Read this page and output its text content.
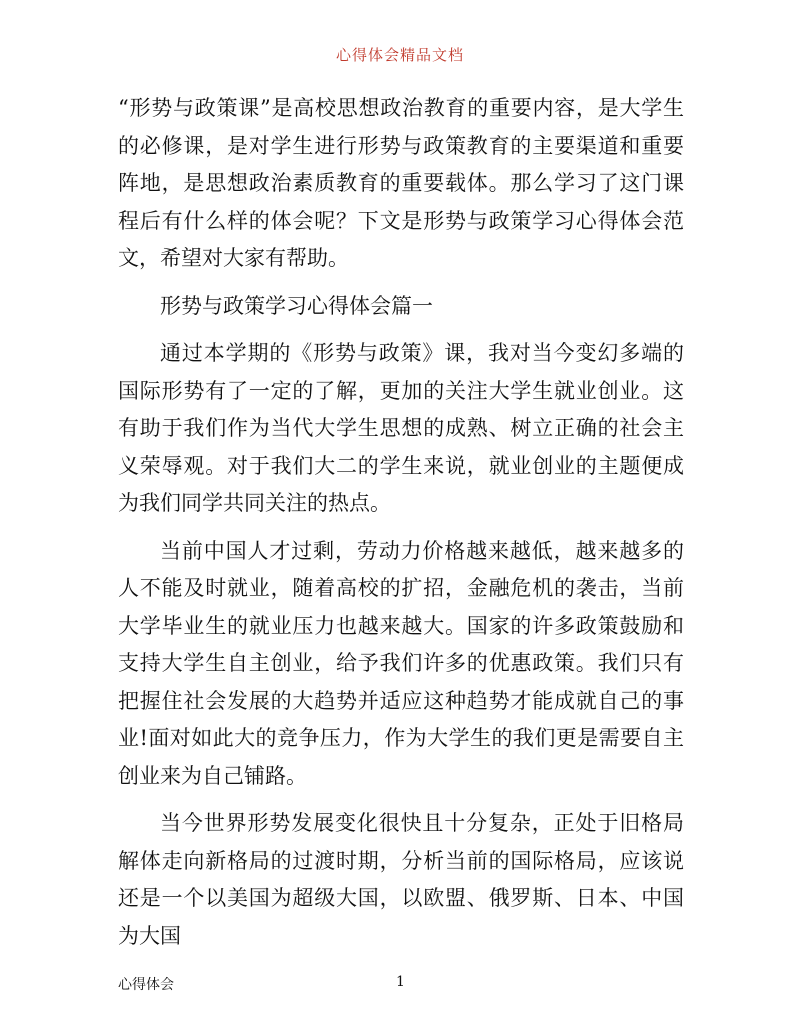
心得体会精品文档

“形势与政策课”是高校思想政治教育的重要内容，是大学生的必修课，是对学生进行形势与政策教育的主要渠道和重要阵地，是思想政治素质教育的重要载体。那么学习了这门课程后有什么样的体会呢？下文是形势与政策学习心得体会范文，希望对大家有帮助。

形势与政策学习心得体会篇一

通过本学期的《形势与政策》课，我对当今变幻多端的国际形势有了一定的了解，更加的关注大学生就业创业。这有助于我们作为当代大学生思想的成熟、树立正确的社会主义荣辱观。对于我们大二的学生来说，就业创业的主题便成为我们同学共同关注的热点。

当前中国人才过剩，劳动力价格越来越低，越来越多的人不能及时就业，随着高校的扩招，金融危机的袭击，当前大学毕业生的就业压力也越来越大。国家的许多政策鼓励和支持大学生自主创业，给予我们许多的优惠政策。我们只有把握住社会发展的大趋势并适应这种趋势才能成就自己的事业!面对如此大的竞争压力，作为大学生的我们更是需要自主创业来为自己铺路。

当今世界形势发展变化很快且十分复杂，正处于旧格局解体走向新格局的过渡时期，分析当前的国际格局，应该说还是一个以美国为超级大国，以欧盟、俄罗斯、日本、中国为大国

心得体会	1
